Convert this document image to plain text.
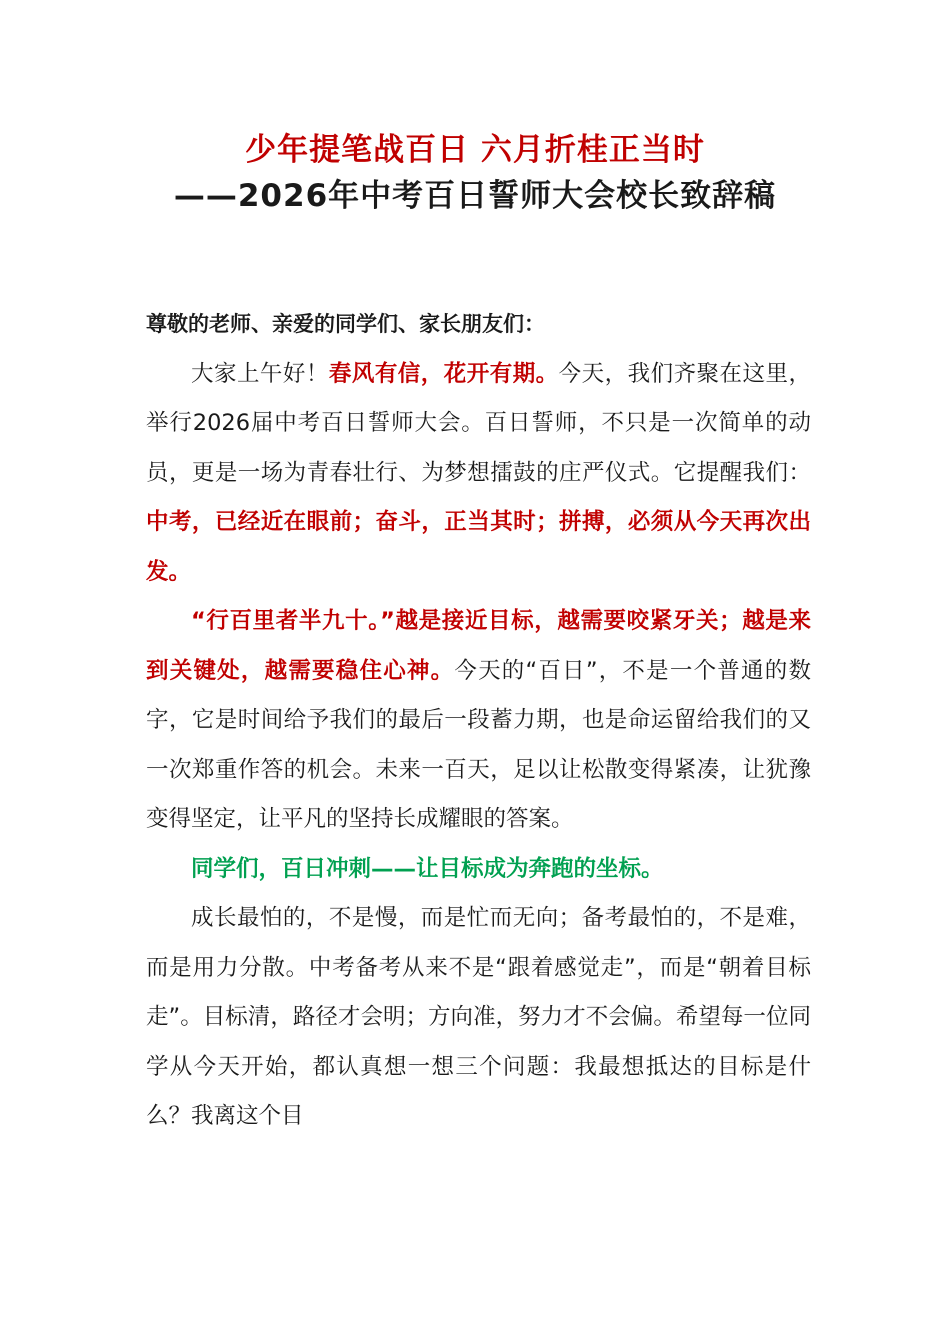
少年提笔战百日 六月折桂正当时
——2026年中考百日誓师大会校长致辞稿

尊敬的老师、亲爱的同学们、家长朋友们：

大家上午好！春风有信，花开有期。今天，我们齐聚在这里，举行2026届中考百日誓师大会。百日誓师，不只是一次简单的动员，更是一场为青春壮行、为梦想擂鼓的庄严仪式。它提醒我们：中考，已经近在眼前；奋斗，正当其时；拼搏，必须从今天再次出发。

“行百里者半九十。”越是接近目标，越需要咬紧牙关；越是来到关键处，越需要稳住心神。今天的“百日”，不是一个普通的数字，它是时间给予我们的最后一段蓄力期，也是命运留给我们的又一次郑重作答的机会。未来一百天，足以让松散变得紧凑，让犹豫变得坚定，让平凡的坚持长成耀眼的答案。

同学们，百日冲刺——让目标成为奔跑的坐标。

成长最怕的，不是慢，而是忙而无向；备考最怕的，不是难，而是用力分散。中考备考从来不是“跟着感觉走”，而是“朝着目标走”。目标清，路径才会明；方向准，努力才不会偏。希望每一位同学从今天开始，都认真想一想三个问题：我最想抵达的目标是什么？我离这个目
